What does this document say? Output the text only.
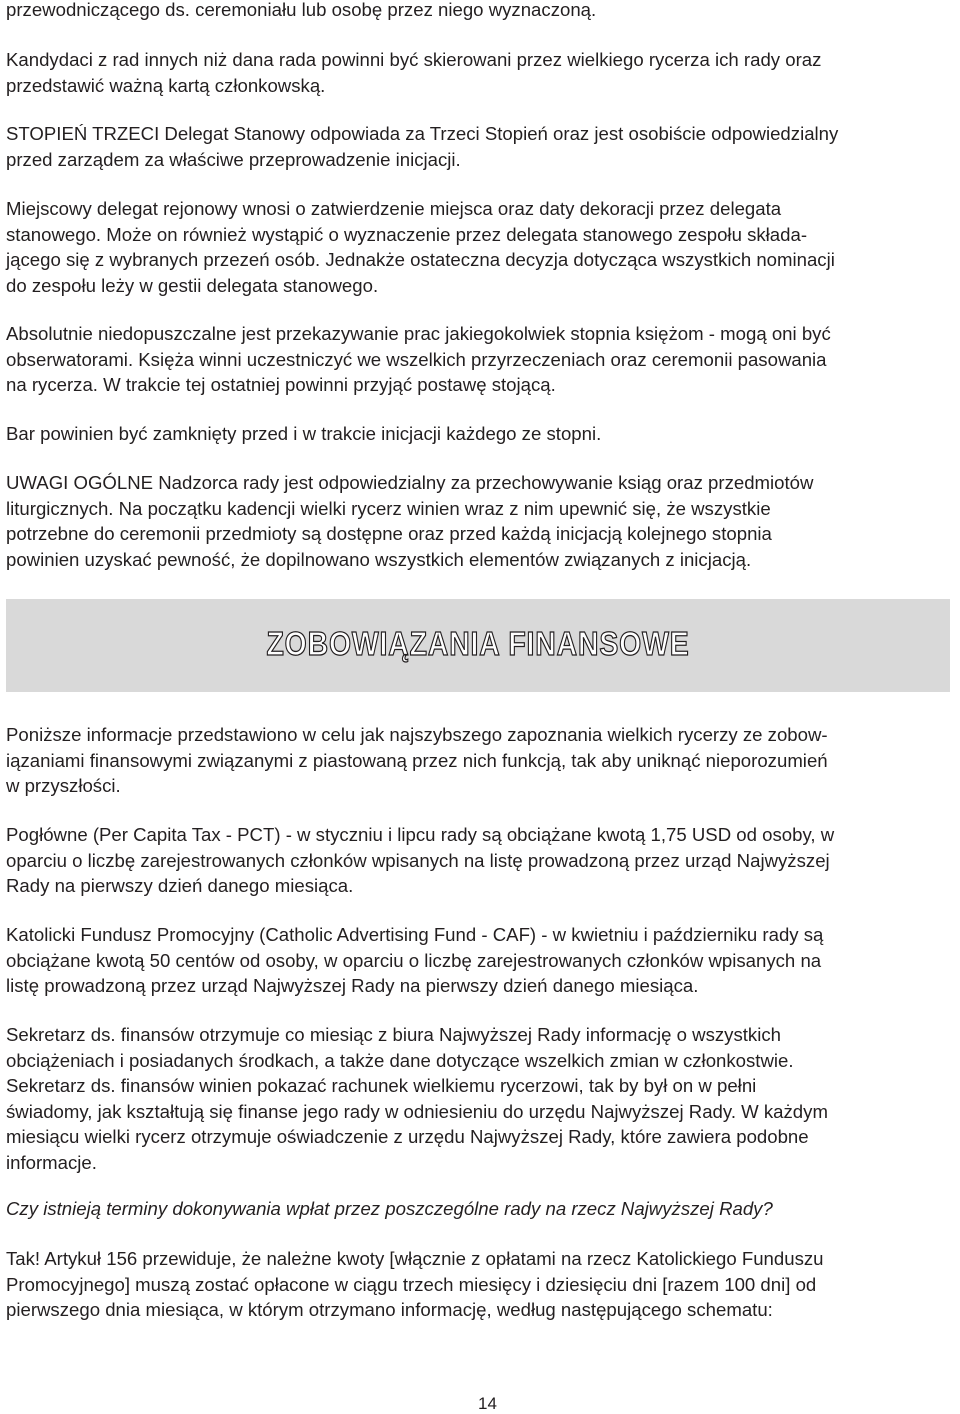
przewodniczącego ds. ceremoniału lub osobę przez niego wyznaczoną.

Kandydaci z rad innych niż dana rada powinni być skierowani przez wielkiego rycerza ich rady oraz
przedstawić ważną kartą członkowską.

STOPIEŃ TRZECI Delegat Stanowy odpowiada za Trzeci Stopień oraz jest osobiście odpowiedzialny
przed zarządem za właściwe przeprowadzenie inicjacji.

Miejscowy delegat rejonowy wnosi o zatwierdzenie miejsca oraz daty dekoracji przez delegata
stanowego. Może on również wystąpić o wyznaczenie przez delegata stanowego zespołu składa-
jącego się z wybranych przezeń osób. Jednakże ostateczna decyzja dotycząca wszystkich nominacji
do zespołu leży w gestii delegata stanowego.

Absolutnie niedopuszczalne jest przekazywanie prac jakiegokolwiek stopnia księżom - mogą oni być
obserwatorami. Księża winni uczestniczyć we wszelkich przyrzeczeniach oraz ceremonii pasowania
na rycerza. W trakcie tej ostatniej powinni przyjąć postawę stojącą.

Bar powinien być zamknięty przed i w trakcie inicjacji każdego ze stopni.

UWAGI OGÓLNE Nadzorca rady jest odpowiedzialny za przechowywanie ksiąg oraz przedmiotów
liturgicznych. Na początku kadencji wielki rycerz winien wraz z nim upewnić się, że wszystkie
potrzebne do ceremonii przedmioty są dostępne oraz przed każdą inicjacją kolejnego stopnia
powinien uzyskać pewność, że dopilnowano wszystkich elementów związanych z inicjacją.

ZOBOWIĄZANIA FINANSOWE

Poniższe informacje przedstawiono w celu jak najszybszego zapoznania wielkich rycerzy ze zobow-
iązaniami finansowymi związanymi z piastowaną przez nich funkcją, tak aby uniknąć nieporozumień
w przyszłości.

Pogłówne (Per Capita Tax - PCT) - w styczniu i lipcu rady są obciążane kwotą 1,75 USD od osoby, w
oparciu o liczbę zarejestrowanych członków wpisanych na listę prowadzoną przez urząd Najwyższej
Rady na pierwszy dzień danego miesiąca.

Katolicki Fundusz Promocyjny (Catholic Advertising Fund - CAF) - w kwietniu i październiku rady są
obciążane kwotą 50 centów od osoby, w oparciu o liczbę zarejestrowanych członków wpisanych na
listę prowadzoną przez urząd Najwyższej Rady na pierwszy dzień danego miesiąca.

Sekretarz ds. finansów otrzymuje co miesiąc z biura Najwyższej Rady informację o wszystkich
obciążeniach i posiadanych środkach, a także dane dotyczące wszelkich zmian w członkostwie.
Sekretarz ds. finansów winien pokazać rachunek wielkiemu rycerzowi, tak by był on w pełni
świadomy, jak kształtują się finanse jego rady w odniesieniu do urzędu Najwyższej Rady. W każdym
miesiącu wielki rycerz otrzymuje oświadczenie z urzędu Najwyższej Rady, które zawiera podobne
informacje.

Czy istnieją terminy dokonywania wpłat przez poszczególne rady na rzecz Najwyższej Rady?

Tak! Artykuł 156 przewiduje, że należne kwoty [włącznie z opłatami na rzecz Katolickiego Funduszu
Promocyjnego] muszą zostać opłacone w ciągu trzech miesięcy i dziesięciu dni [razem 100 dni] od
pierwszego dnia miesiąca, w którym otrzymano informację, według następującego schematu:

14
